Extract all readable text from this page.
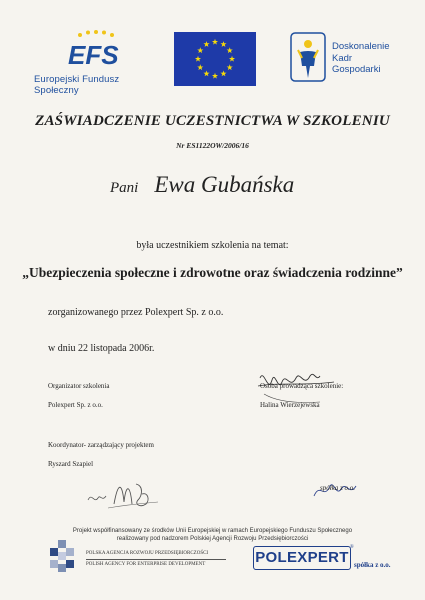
EFS
Europejski Fundusz Społeczny
Doskonalenie
Kadr
Gospodarki
ZAŚWIADCZENIE UCZESTNICTWA W SZKOLENIU
Nr ES1122OW/2006/16
Pani Ewa Gubańska
była uczestnikiem szkolenia na temat:
„Ubezpieczenia społeczne i zdrowotne oraz świadczenia rodzinne”
zorganizowanego przez Polexpert Sp. z o.o.
w dniu 22 listopada 2006r.
Organizator szkolenia
Polexpert Sp. z o.o.
Osoba prowadząca szkolenie:
Halina Wierzejewska
Koordynator- zarządzający projektem
Ryszard Szapiel
spółka z o.o.
Projekt współfinansowany ze środków Unii Europejskiej w ramach Europejskiego Funduszu Społecznego
realizowany pod nadzorem Polskiej Agencji Rozwoju Przedsiębiorczości
POLSKA AGENCJA ROZWOJU PRZEDSIĘBIORCZOŚCI
POLISH AGENCY FOR ENTERPRISE DEVELOPMENT	POLEXPERT
®
spółka z o.o.
